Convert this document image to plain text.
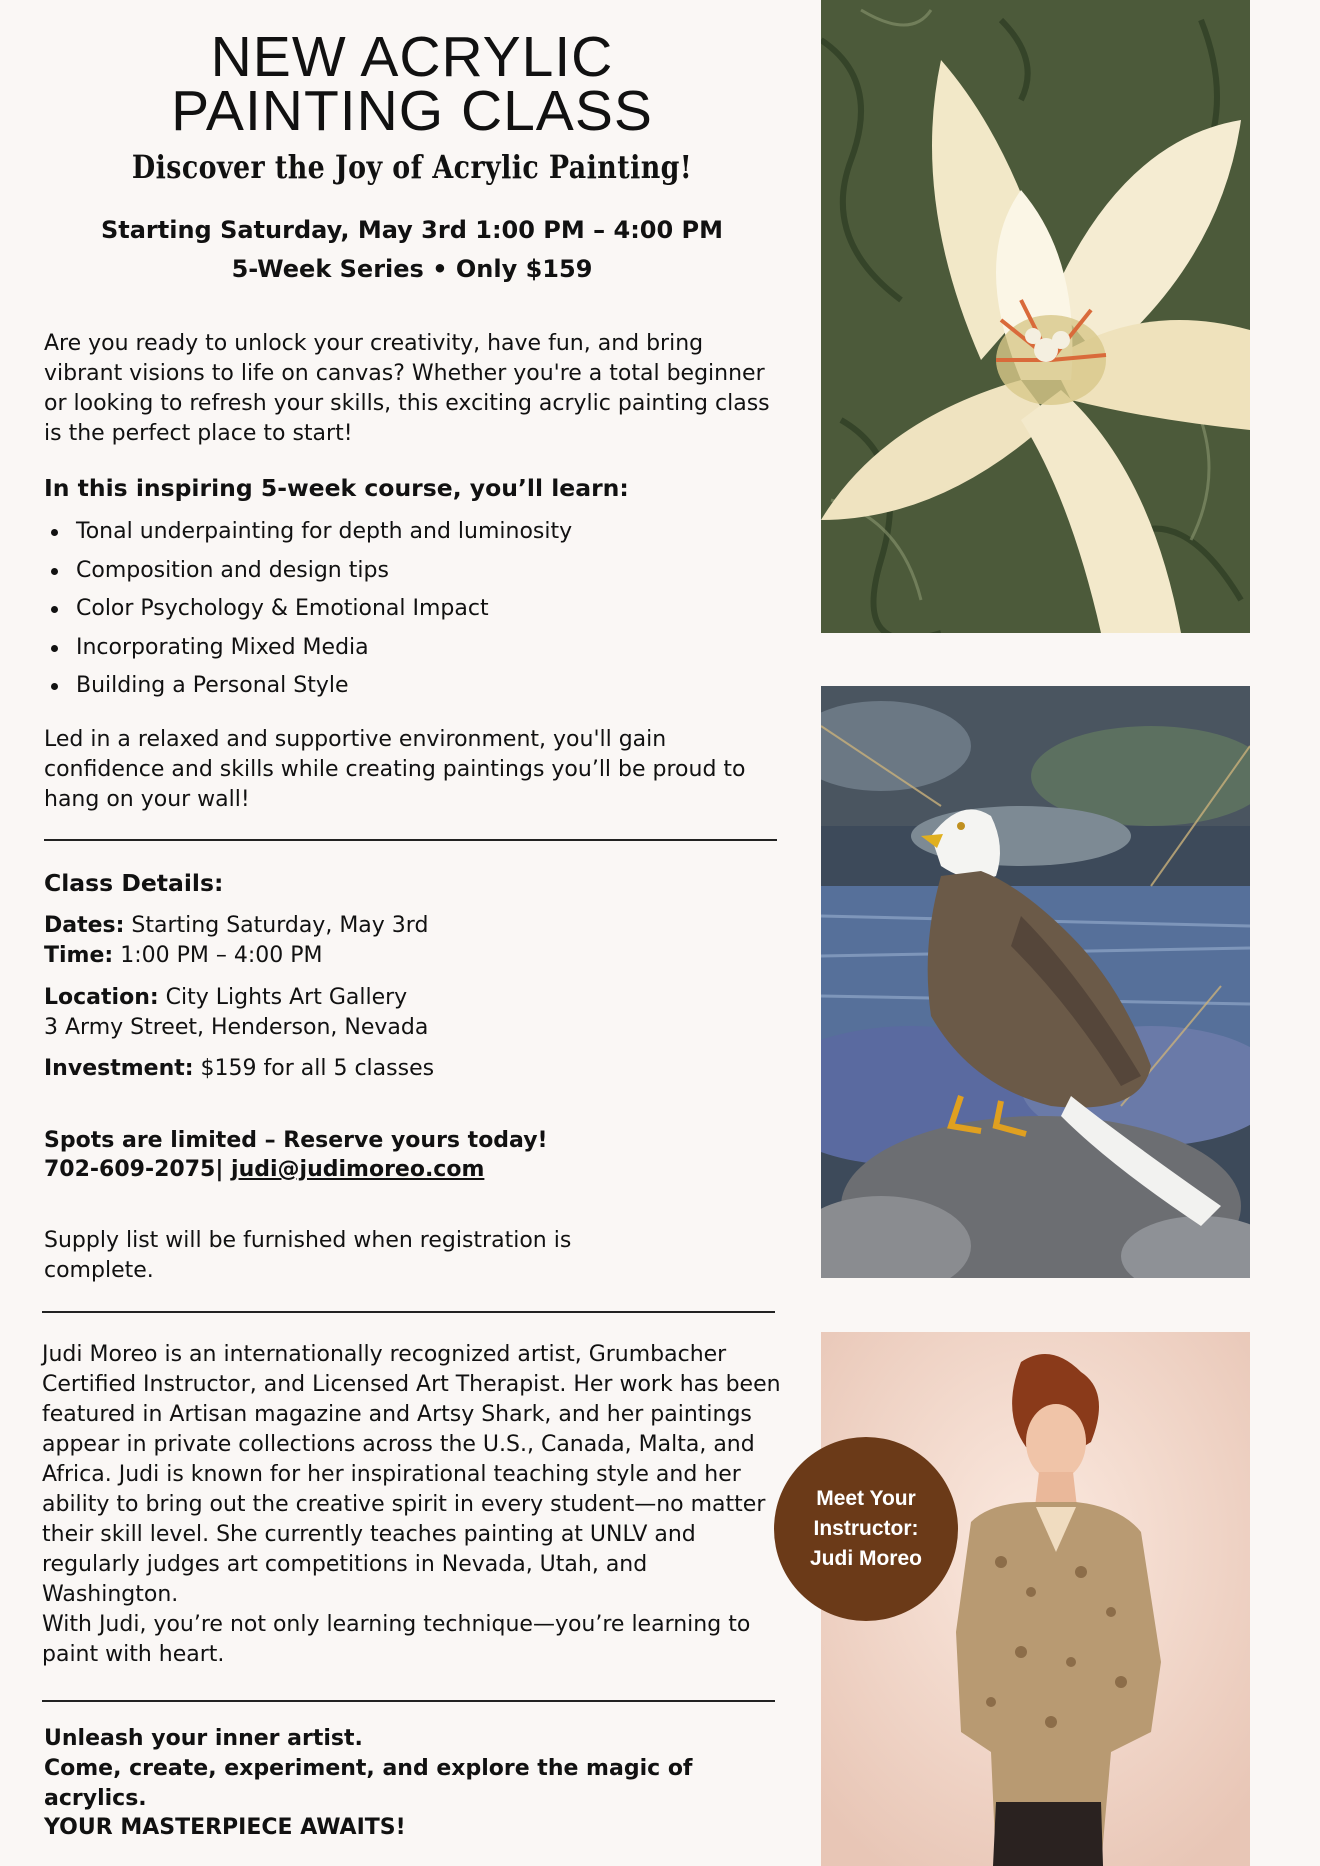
NEW ACRYLIC
PAINTING CLASS
Discover the Joy of Acrylic Painting!
Starting Saturday, May 3rd 1:00 PM – 4:00 PM
5-Week Series • Only $159

Are you ready to unlock your creativity, have fun, and bring vibrant visions to life on canvas? Whether you're a total beginner or looking to refresh your skills, this exciting acrylic painting class is the perfect place to start!

In this inspiring 5-week course, you’ll learn:
Tonal underpainting for depth and luminosity
Composition and design tips
Color Psychology & Emotional Impact
Incorporating Mixed Media
Building a Personal Style

Led in a relaxed and supportive environment, you'll gain confidence and skills while creating paintings you’ll be proud to hang on your wall!

Class Details:
Dates: Starting Saturday, May 3rd
Time: 1:00 PM – 4:00 PM
Location: City Lights Art Gallery
3 Army Street, Henderson, Nevada
Investment: $159 for all 5 classes
Spots are limited – Reserve yours today!
702-609-2075| judi@judimoreo.com

Supply list will be furnished when registration is complete.

Judi Moreo is an internationally recognized artist, Grumbacher Certified Instructor, and Licensed Art Therapist. Her work has been featured in Artisan magazine and Artsy Shark, and her paintings appear in private collections across the U.S., Canada, Malta, and Africa. Judi is known for her inspirational teaching style and her ability to bring out the creative spirit in every student—no matter their skill level. She currently teaches painting at UNLV and regularly judges art competitions in Nevada, Utah, and Washington.

With Judi, you’re not only learning technique—you’re learning to paint with heart.

Unleash your inner artist.
Come, create, experiment, and explore the magic of acrylics.
YOUR MASTERPIECE AWAITS!
Meet Your
Instructor:
Judi Moreo
